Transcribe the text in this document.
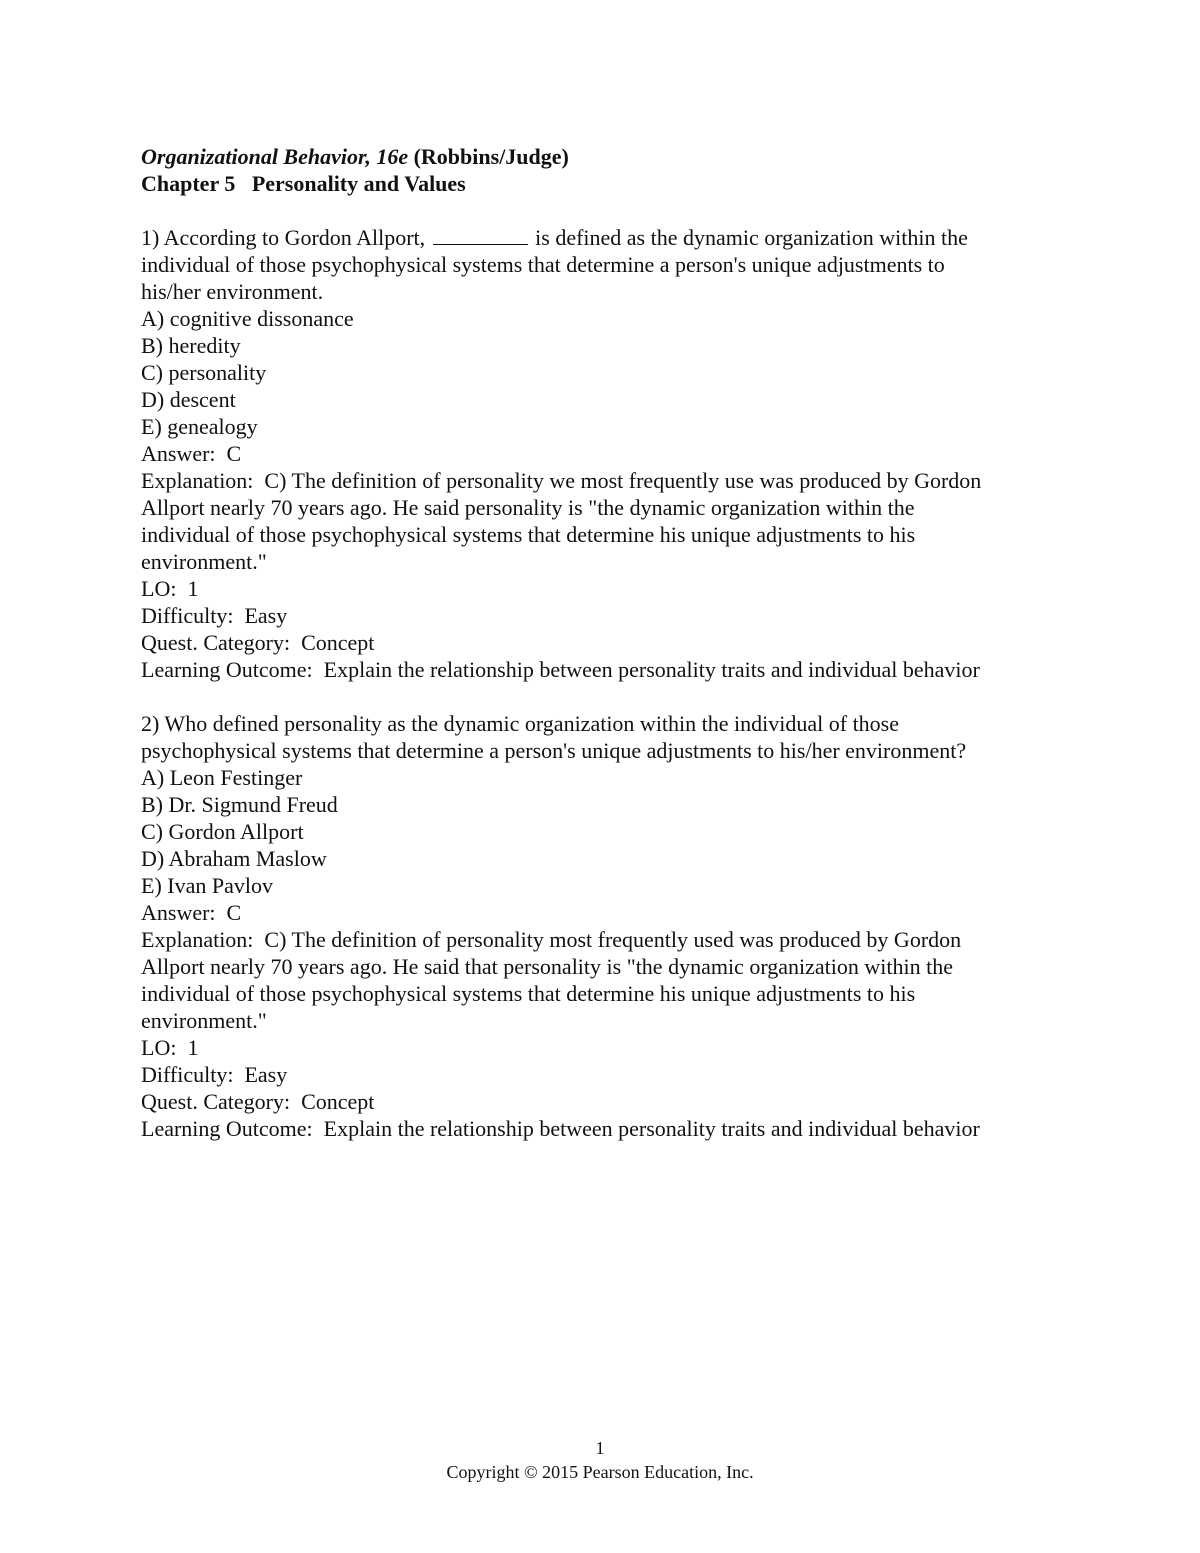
Organizational Behavior, 16e (Robbins/Judge)
Chapter 5   Personality and Values
1) According to Gordon Allport,	is defined as the dynamic organization within the
individual of those psychophysical systems that determine a person's unique adjustments to
his/her environment.
A) cognitive dissonance
B) heredity
C) personality
D) descent
E) genealogy
Answer:  C
Explanation:  C) The definition of personality we most frequently use was produced by Gordon
Allport nearly 70 years ago. He said personality is "the dynamic organization within the
individual of those psychophysical systems that determine his unique adjustments to his
environment."
LO:  1
Difficulty:  Easy
Quest. Category:  Concept
Learning Outcome:  Explain the relationship between personality traits and individual behavior
2) Who defined personality as the dynamic organization within the individual of those
psychophysical systems that determine a person's unique adjustments to his/her environment?
A) Leon Festinger
B) Dr. Sigmund Freud
C) Gordon Allport
D) Abraham Maslow
E) Ivan Pavlov
Answer:  C
Explanation:  C) The definition of personality most frequently used was produced by Gordon
Allport nearly 70 years ago. He said that personality is "the dynamic organization within the
individual of those psychophysical systems that determine his unique adjustments to his
environment."
LO:  1
Difficulty:  Easy
Quest. Category:  Concept
Learning Outcome:  Explain the relationship between personality traits and individual behavior
1
Copyright © 2015 Pearson Education, Inc.
